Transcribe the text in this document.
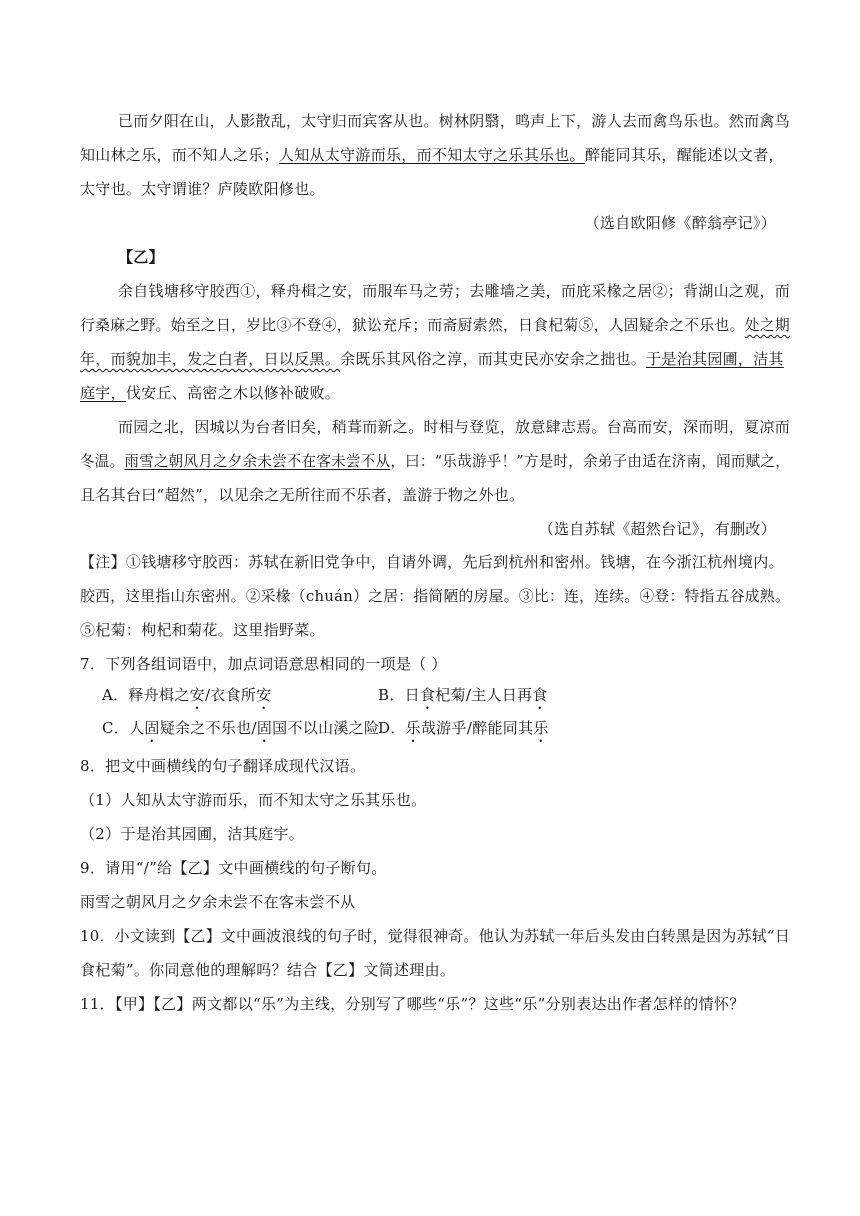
已而夕阳在山，人影散乱，太守归而宾客从也。树林阴翳，鸣声上下，游人去而禽鸟乐也。然而禽鸟
知山林之乐，而不知人之乐；人知从太守游而乐，而不知太守之乐其乐也。醉能同其乐，醒能述以文者，
太守也。太守谓谁？庐陵欧阳修也。
（选自欧阳修《醉翁亭记》）
【乙】
余自钱塘移守胶西①，释舟楫之安，而服车马之劳；去雕墙之美，而庇采椽之居②；背湖山之观，而
行桑麻之野。始至之日，岁比③不登④，狱讼充斥；而斋厨索然，日食杞菊⑤，人固疑余之不乐也。处之期
年，而貌加丰，发之白者，日以反黑。余既乐其风俗之淳，而其吏民亦安余之拙也。于是治其园圃，洁其
庭宇，伐安丘、高密之木以修补破败。
而园之北，因城以为台者旧矣，稍葺而新之。时相与登览，放意肆志焉。台高而安，深而明，夏凉而
冬温。雨雪之朝风月之夕余未尝不在客未尝不从，曰：“乐哉游乎！”方是时，余弟子由适在济南，闻而赋之，
且名其台曰“超然”，以见余之无所往而不乐者，盖游于物之外也。
（选自苏轼《超然台记》，有删改）
【注】①钱塘移守胶西：苏轼在新旧党争中，自请外调，先后到杭州和密州。钱塘，在今浙江杭州境内。
胶西，这里指山东密州。②采椽（chuán）之居：指简陋的房屋。③比：连，连续。④登：特指五谷成熟。
⑤杞菊：枸杞和菊花。这里指野菜。
7．下列各组词语中，加点词语意思相同的一项是（ ）
A．释舟楫之安/衣食所安	B．日食杞菊/主人日再食
C．人固疑余之不乐也/固国不以山溪之险
D．乐哉游乎/醉能同其乐
8．把文中画横线的句子翻译成现代汉语。
（1）人知从太守游而乐，而不知太守之乐其乐也。
（2）于是治其园圃，洁其庭宇。
9．请用“/”给【乙】文中画横线的句子断句。
雨雪之朝风月之夕余未尝不在客未尝不从
10．小文读到【乙】文中画波浪线的句子时，觉得很神奇。他认为苏轼一年后头发由白转黑是因为苏轼“日
食杞菊”。你同意他的理解吗？结合【乙】文简述理由。
11．【甲】【乙】两文都以“乐”为主线，分别写了哪些“乐”？这些“乐”分别表达出作者怎样的情怀？
